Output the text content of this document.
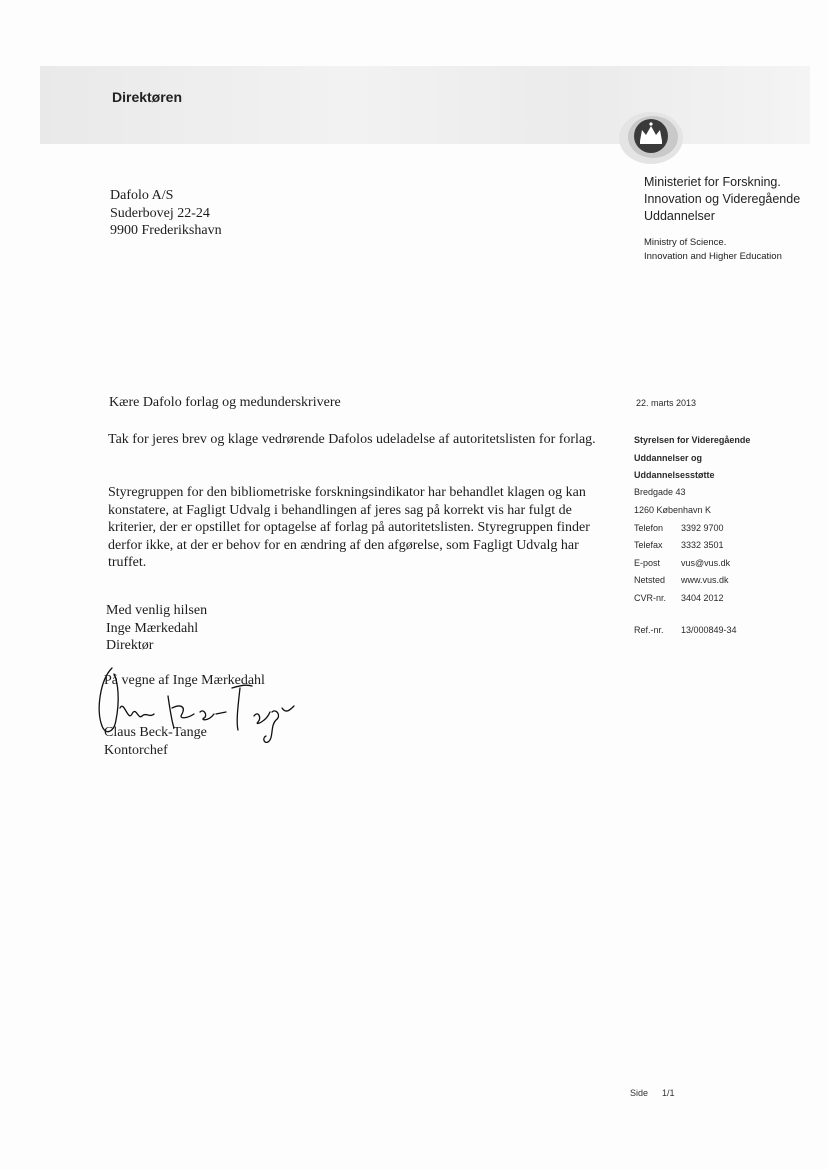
Direktøren
Ministeriet for Forskning.
Innovation og Videregående
Uddannelser
Ministry of Science.
Innovation and Higher Education
Dafolo A/S
Suderbovej 22-24
9900 Frederikshavn
Kære Dafolo forlag og medunderskrivere
Tak for jeres brev og klage vedrørende Dafolos udeladelse af autoritetslisten for forlag.
Styregruppen for den bibliometriske forskningsindikator har behandlet klagen og kan konstatere, at Fagligt Udvalg i behandlingen af jeres sag på korrekt vis har fulgt de kriterier, der er opstillet for optagelse af forlag på autoritetslisten. Styregruppen finder derfor ikke, at der er behov for en ændring af den afgørelse, som Fagligt Udvalg har truffet.
Med venlig hilsen
Inge Mærkedahl
Direktør
På vegne af Inge Mærkedahl
Claus Beck-Tange
Kontorchef
22. marts 2013
Styrelsen for Videregående
Uddannelser og
Uddannelsesstøtte
Bredgade 43
1260 København K
Telefon	3392 9700
Telefax	3332 3501
E-post	vus@vus.dk
Netsted	www.vus.dk
CVR-nr.	3404 2012
Ref.-nr.	13/000849-34
Side 1/1
